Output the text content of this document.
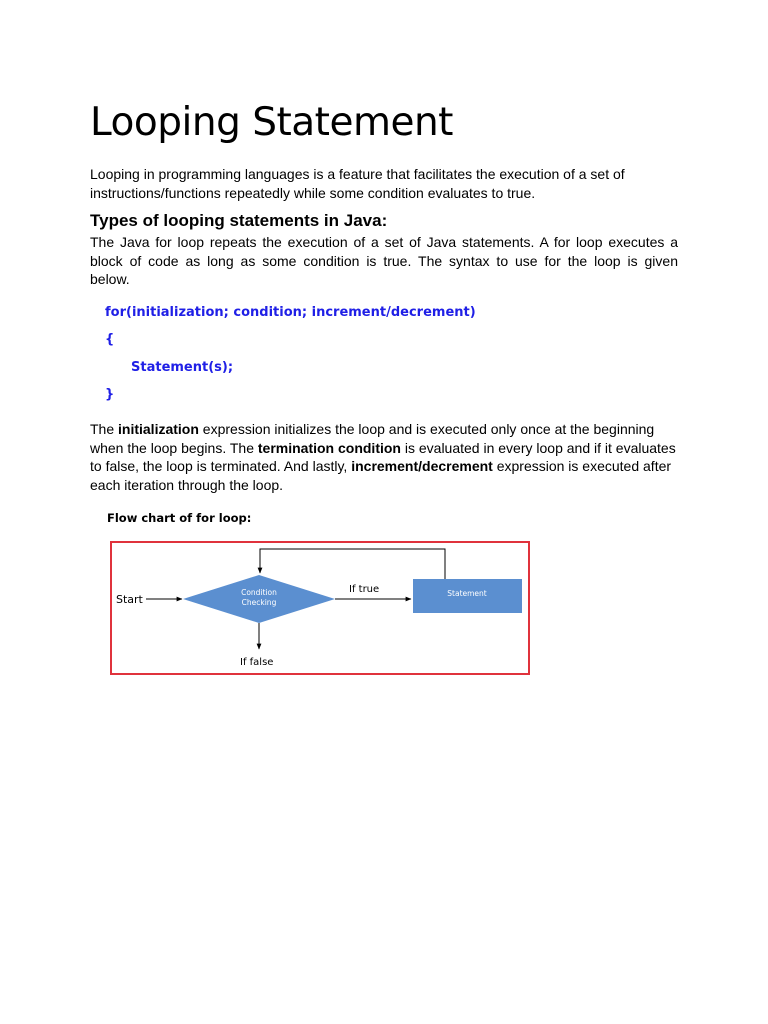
Looping Statement

Looping in programming languages is a feature that facilitates the execution of a set of instructions/functions repeatedly while some condition evaluates to true.

Types of looping statements in Java:

The Java for loop repeats the execution of a set of Java statements. A for loop executes a
block of code as long as some condition is true. The syntax to use for the loop is given
below.

for(initialization; condition; increment/decrement)
{
Statement(s);
}

The initialization expression initializes the loop and is executed only once at the beginning when the loop begins. The termination condition is evaluated in every loop and if it evaluates to false, the loop is terminated. And lastly, increment/decrement expression is executed after each iteration through the loop.

Flow chart of for loop:
Start
Condition
Checking
If true	Statement
If false
